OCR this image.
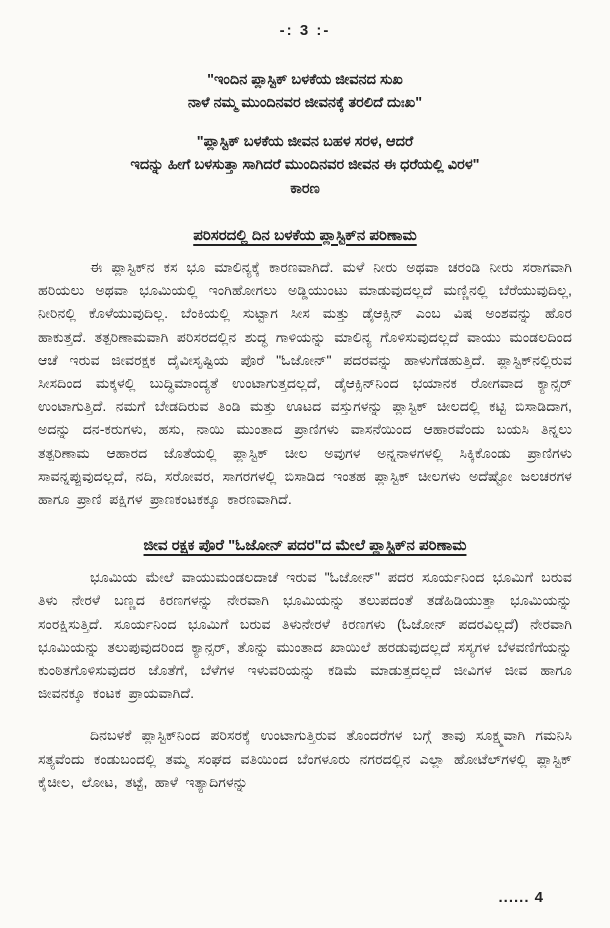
-: 3 :-
"ಇಂದಿನ ಪ್ಲಾಸ್ಟಿಕ್ ಬಳಕೆಯ ಜೀವನದ ಸುಖ
ನಾಳೆ ನಮ್ಮ ಮುಂದಿನವರ ಜೀವನಕ್ಕೆ ತರಲಿದೆ ದುಃಖ"
"ಪ್ಲಾಸ್ಟಿಕ್ ಬಳಕೆಯ ಜೀವನ ಬಹಳ ಸರಳ, ಆದರೆ
ಇದನ್ನು ಹೀಗೆ ಬಳಸುತ್ತಾ ಸಾಗಿದರೆ ಮುಂದಿನವರ ಜೀವನ ಈ ಧರೆಯಲ್ಲಿ ವಿರಳ"
ಕಾರಣ
ಪರಿಸರದಲ್ಲಿ ದಿನ ಬಳಕೆಯ ಪ್ಲಾಸ್ಟಿಕ್‌ನ ಪರಿಣಾಮ

ಈ ಪ್ಲಾಸ್ಟಿಕ್‌ನ ಕಸ ಭೂ ಮಾಲಿನ್ಯಕ್ಕೆ ಕಾರಣವಾಗಿದೆ. ಮಳೆ ನೀರು ಅಥವಾ ಚರಂಡಿ ನೀರು ಸರಾಗವಾಗಿ ಹರಿಯಲು ಅಥವಾ ಭೂಮಿಯಲ್ಲಿ ಇಂಗಿಹೋಗಲು ಅಡ್ಡಿಯುಂಟು ಮಾಡುವುದಲ್ಲದೆ ಮಣ್ಣಿನಲ್ಲಿ ಬೆರೆಯುವುದಿಲ್ಲ, ನೀರಿನಲ್ಲಿ ಕೊಳೆಯುವುದಿಲ್ಲ. ಬೆಂಕಿಯಲ್ಲಿ ಸುಟ್ಟಾಗ ಸೀಸ ಮತ್ತು ಡೈಆಕ್ಸಿನ್ ಎಂಬ ವಿಷ ಅಂಶವನ್ನು ಹೊರ ಹಾಕುತ್ತದೆ. ತತ್ಪರಿಣಾಮವಾಗಿ ಪರಿಸರದಲ್ಲಿನ ಶುದ್ಧ ಗಾಳಿಯನ್ನು ಮಾಲಿನ್ಯ ಗೊಳಿಸುವುದಲ್ಲದೆ ವಾಯು ಮಂಡಲದಿಂದ ಆಚೆ ಇರುವ ಜೀವರಕ್ಷಕ ದೈವೀಸೃಷ್ಟಿಯ ಪೊರೆ "ಓಜೋನ್" ಪದರವನ್ನು ಹಾಳುಗೆಡಹುತ್ತಿದೆ. ಪ್ಲಾಸ್ಟಿಕ್‌ನಲ್ಲಿರುವ ಸೀಸದಿಂದ ಮಕ್ಕಳಲ್ಲಿ ಬುದ್ಧಿಮಾಂದ್ಯತೆ ಉಂಟಾಗುತ್ತದಲ್ಲದೆ, ಡೈಆಕ್ಸಿನ್‌ನಿಂದ ಭಯಾನಕ ರೋಗವಾದ ಕ್ಯಾನ್ಸರ್ ಉಂಟಾಗುತ್ತಿದೆ. ನಮಗೆ ಬೇಡದಿರುವ ತಿಂಡಿ ಮತ್ತು ಊಟದ ವಸ್ತುಗಳನ್ನು ಪ್ಲಾಸ್ಟಿಕ್ ಚೀಲದಲ್ಲಿ ಕಟ್ಟಿ ಬಿಸಾಡಿದಾಗ, ಅದನ್ನು ದನ-ಕರುಗಳು, ಹಸು, ನಾಯಿ ಮುಂತಾದ ಪ್ರಾಣಿಗಳು ವಾಸನೆಯಿಂದ ಆಹಾರವೆಂದು ಬಯಸಿ ತಿನ್ನಲು ತತ್ಪರಿಣಾಮ ಆಹಾರದ ಜೊತೆಯಲ್ಲಿ ಪ್ಲಾಸ್ಟಿಕ್ ಚೀಲ ಅವುಗಳ ಅನ್ನನಾಳಗಳಲ್ಲಿ ಸಿಕ್ಕಿಕೊಂಡು ಪ್ರಾಣಿಗಳು ಸಾವನ್ನಪ್ಪುವುದಲ್ಲದೆ, ನದಿ, ಸರೋವರ, ಸಾಗರಗಳಲ್ಲಿ ಬಿಸಾಡಿದ ಇಂತಹ ಪ್ಲಾಸ್ಟಿಕ್ ಚೀಲಗಳು ಅದೆಷ್ಟೋ ಜಲಚರಗಳ ಹಾಗೂ ಪ್ರಾಣಿ ಪಕ್ಷಿಗಳ ಪ್ರಾಣಕಂಟಕಕ್ಕೂ ಕಾರಣವಾಗಿದೆ.

ಜೀವ ರಕ್ಷಕ ಪೊರೆ "ಓಜೋನ್ ಪದರ"ದ ಮೇಲೆ ಪ್ಲಾಸ್ಟಿಕ್‌ನ ಪರಿಣಾಮ

ಭೂಮಿಯ ಮೇಲೆ ವಾಯುಮಂಡಲದಾಚೆ ಇರುವ "ಓಜೋನ್" ಪದರ ಸೂರ್ಯನಿಂದ ಭೂಮಿಗೆ ಬರುವ ತಿಳು ನೇರಳೆ ಬಣ್ಣದ ಕಿರಣಗಳನ್ನು ನೇರವಾಗಿ ಭೂಮಿಯನ್ನು ತಲುಪದಂತೆ ತಡೆಹಿಡಿಯುತ್ತಾ ಭೂಮಿಯನ್ನು ಸಂರಕ್ಷಿಸುತ್ತಿದೆ. ಸೂರ್ಯನಿಂದ ಭೂಮಿಗೆ ಬರುವ ತಿಳುನೇರಳೆ ಕಿರಣಗಳು (ಓಜೋನ್ ಪದರವಿಲ್ಲದೆ) ನೇರವಾಗಿ ಭೂಮಿಯನ್ನು ತಲುಪುವುದರಿಂದ ಕ್ಯಾನ್ಸರ್, ತೊನ್ನು ಮುಂತಾದ ಖಾಯಿಲೆ ಹರಡುವುದಲ್ಲದೆ ಸಸ್ಯಗಳ ಬೆಳವಣಿಗೆಯನ್ನು ಕುಂಠಿತಗೊಳಿಸುವುದರ ಜೊತೆಗೆ, ಬೆಳೆಗಳ ಇಳುವರಿಯನ್ನು ಕಡಿಮೆ ಮಾಡುತ್ತದಲ್ಲದೆ ಜೀವಿಗಳ ಜೀವ ಹಾಗೂ ಜೀವನಕ್ಕೂ ಕಂಟಕ ಪ್ರಾಯವಾಗಿದೆ.

ದಿನಬಳಕೆ ಪ್ಲಾಸ್ಟಿಕ್‌ನಿಂದ ಪರಿಸರಕ್ಕೆ ಉಂಟಾಗುತ್ತಿರುವ ತೊಂದರೆಗಳ ಬಗ್ಗೆ ತಾವು ಸೂಕ್ಷ್ಮವಾಗಿ ಗಮನಿಸಿ ಸತ್ಯವೆಂದು ಕಂಡುಬಂದಲ್ಲಿ ತಮ್ಮ ಸಂಘದ ವತಿಯಿಂದ ಬೆಂಗಳೂರು ನಗರದಲ್ಲಿನ ಎಲ್ಲಾ ಹೋಟೆಲ್‌ಗಳಲ್ಲಿ ಪ್ಲಾಸ್ಟಿಕ್ ಕೈಚೀಲ, ಲೋಟ, ತಟ್ಟೆ, ಹಾಳೆ ಇತ್ಯಾದಿಗಳನ್ನು

...... 4
